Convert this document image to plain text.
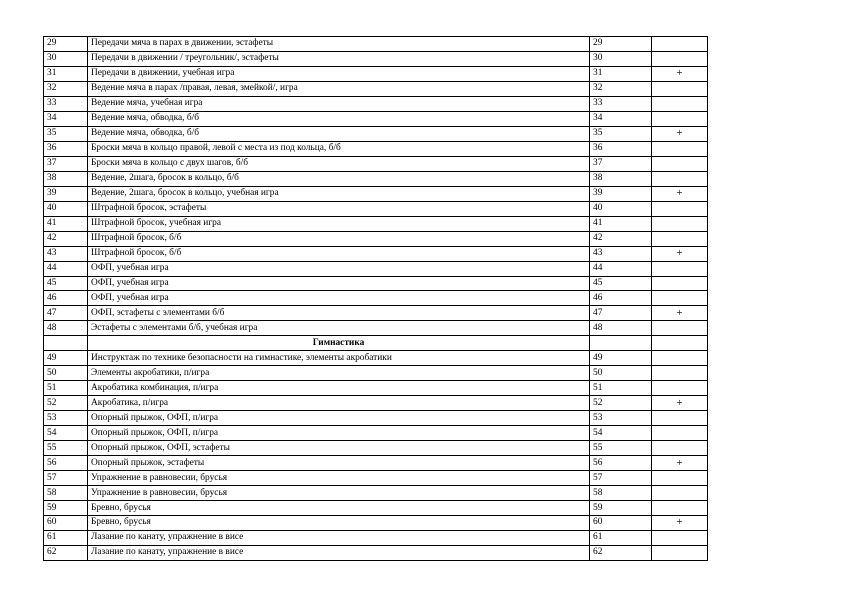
29	Передачи мяча в парах в движении, эстафеты	29	
30	Передачи в движении / треугольник/, эстафеты	30	
31	Передачи в движении, учебная игра	31	+
32	Ведение мяча в парах /правая, левая, змейкой/, игра	32	
33	Ведение мяча, учебная игра	33	
34	Ведение мяча, обводка, б/б	34	
35	Ведение мяча, обводка, б/б	35	+
36	Броски мяча в кольцо правой, левой с места из под кольца, б/б	36	
37	Броски мяча в кольцо с двух шагов, б/б	37	
38	Ведение, 2шага, бросок в кольцо, б/б	38	
39	Ведение, 2шага, бросок в кольцо, учебная игра	39	+
40	Штрафной бросок, эстафеты	40	
41	Штрафной бросок, учебная игра	41	
42	Штрафной бросок, б/б	42	
43	Штрафной бросок, б/б	43	+
44	ОФП, учебная игра	44	
45	ОФП, учебная игра	45	
46	ОФП, учебная игра	46	
47	ОФП, эстафеты с элементами б/б	47	+
48	Эстафеты с элементами б/б, учебная игра	48	
	Гимнастика		
49	Инструктаж по технике безопасности на гимнастике, элементы акробатики	49	
50	Элементы акробатики, п/игра	50	
51	Акробатика комбинация, п/игра	51	
52	Акробатика, п/игра	52	+
53	Опорный прыжок, ОФП, п/игра	53	
54	Опорный прыжок, ОФП, п/игра	54	
55	Опорный прыжок, ОФП, эстафеты	55	
56	Опорный прыжок, эстафеты	56	+
57	Упражнение в равновесии, брусья	57	
58	Упражнение в равновесии, брусья	58	
59	Бревно, брусья	59	
60	Бревно, брусья	60	+
61	Лазание по канату, упражнение в висе	61	
62	Лазание по канату, упражнение в висе	62	
